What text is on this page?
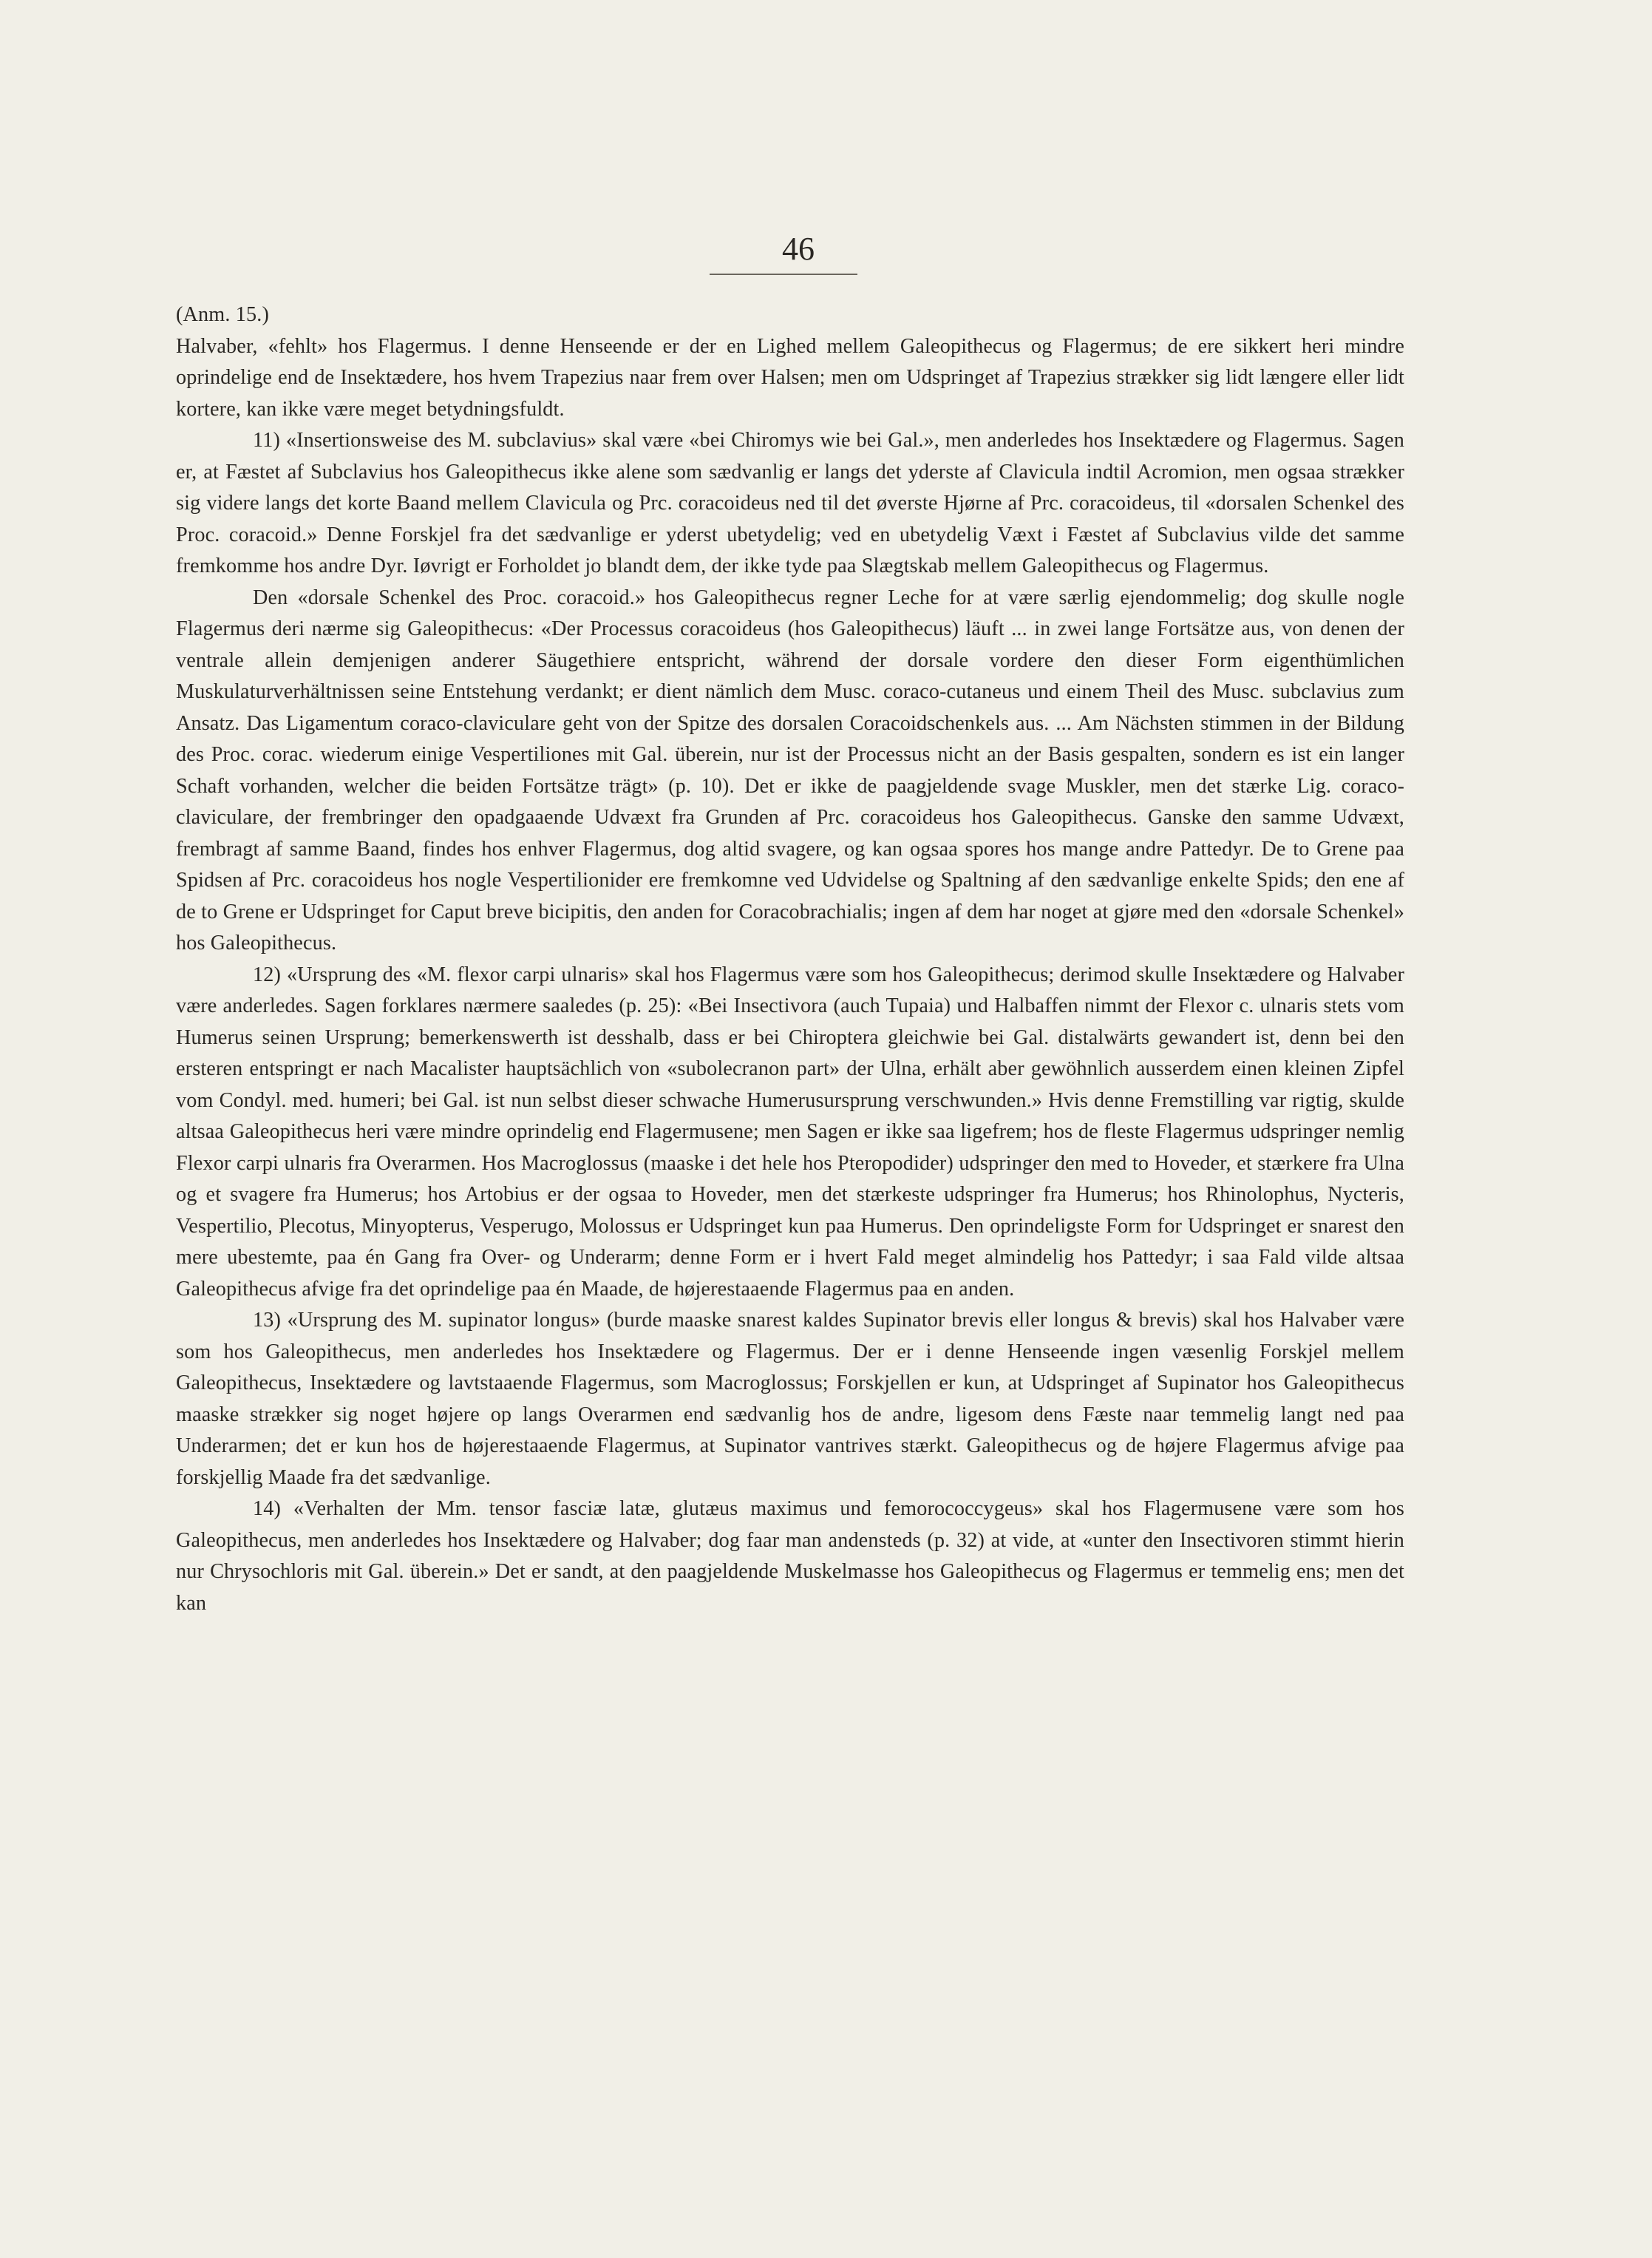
46

(Anm. 15.)

Halvaber, «fehlt» hos Flagermus. I denne Henseende er der en Lighed mellem Galeopithecus og Flagermus; de ere sikkert heri mindre oprindelige end de Insektædere, hos hvem Trapezius naar frem over Halsen; men om Udspringet af Trapezius strækker sig lidt længere eller lidt kortere, kan ikke være meget betydningsfuldt.

11) «Insertionsweise des M. subclavius» skal være «bei Chiromys wie bei Gal.», men anderledes hos Insektædere og Flagermus. Sagen er, at Fæstet af Subclavius hos Galeopithecus ikke alene som sædvanlig er langs det yderste af Clavicula indtil Acromion, men ogsaa strækker sig videre langs det korte Baand mellem Clavicula og Prc. coracoideus ned til det øverste Hjørne af Prc. coracoideus, til «dorsalen Schenkel des Proc. coracoid.» Denne Forskjel fra det sædvanlige er yderst ubetydelig; ved en ubetydelig Væxt i Fæstet af Subclavius vilde det samme fremkomme hos andre Dyr. Iøvrigt er Forholdet jo blandt dem, der ikke tyde paa Slægtskab mellem Galeopithecus og Flagermus.

Den «dorsale Schenkel des Proc. coracoid.» hos Galeopithecus regner Leche for at være særlig ejendommelig; dog skulle nogle Flagermus deri nærme sig Galeopithecus: «Der Processus coracoideus (hos Galeopithecus) läuft ... in zwei lange Fortsätze aus, von denen der ventrale allein demjenigen anderer Säugethiere entspricht, während der dorsale vordere den dieser Form eigenthümlichen Muskulaturverhältnissen seine Entstehung verdankt; er dient nämlich dem Musc. coraco-cutaneus und einem Theil des Musc. subclavius zum Ansatz. Das Ligamentum coraco-claviculare geht von der Spitze des dorsalen Coracoidschenkels aus. ... Am Nächsten stimmen in der Bildung des Proc. corac. wiederum einige Vespertiliones mit Gal. überein, nur ist der Processus nicht an der Basis gespalten, sondern es ist ein langer Schaft vorhanden, welcher die beiden Fortsätze trägt» (p. 10). Det er ikke de paagjeldende svage Muskler, men det stærke Lig. coraco-claviculare, der frembringer den opadgaaende Udvæxt fra Grunden af Prc. coracoideus hos Galeopithecus. Ganske den samme Udvæxt, frembragt af samme Baand, findes hos enhver Flagermus, dog altid svagere, og kan ogsaa spores hos mange andre Pattedyr. De to Grene paa Spidsen af Prc. coracoideus hos nogle Vespertilionider ere fremkomne ved Udvidelse og Spaltning af den sædvanlige enkelte Spids; den ene af de to Grene er Udspringet for Caput breve bicipitis, den anden for Coracobrachialis; ingen af dem har noget at gjøre med den «dorsale Schenkel» hos Galeopithecus.

12) «Ursprung des «M. flexor carpi ulnaris» skal hos Flagermus være som hos Galeopithecus; derimod skulle Insektædere og Halvaber være anderledes. Sagen forklares nærmere saaledes (p. 25): «Bei Insectivora (auch Tupaia) und Halbaffen nimmt der Flexor c. ulnaris stets vom Humerus seinen Ursprung; bemerkenswerth ist desshalb, dass er bei Chiroptera gleichwie bei Gal. distalwärts gewandert ist, denn bei den ersteren entspringt er nach Macalister hauptsächlich von «subolecranon part» der Ulna, erhält aber gewöhnlich ausserdem einen kleinen Zipfel vom Condyl. med. humeri; bei Gal. ist nun selbst dieser schwache Humerusursprung verschwunden.» Hvis denne Fremstilling var rigtig, skulde altsaa Galeopithecus heri være mindre oprindelig end Flagermusene; men Sagen er ikke saa ligefrem; hos de fleste Flagermus udspringer nemlig Flexor carpi ulnaris fra Overarmen. Hos Macroglossus (maaske i det hele hos Pteropodider) udspringer den med to Hoveder, et stærkere fra Ulna og et svagere fra Humerus; hos Artobius er der ogsaa to Hoveder, men det stærkeste udspringer fra Humerus; hos Rhinolophus, Nycteris, Vespertilio, Plecotus, Minyopterus, Vesperugo, Molossus er Udspringet kun paa Humerus. Den oprindeligste Form for Udspringet er snarest den mere ubestemte, paa én Gang fra Over- og Underarm; denne Form er i hvert Fald meget almindelig hos Pattedyr; i saa Fald vilde altsaa Galeopithecus afvige fra det oprindelige paa én Maade, de højerestaaende Flagermus paa en anden.

13) «Ursprung des M. supinator longus» (burde maaske snarest kaldes Supinator brevis eller longus & brevis) skal hos Halvaber være som hos Galeopithecus, men anderledes hos Insektædere og Flagermus. Der er i denne Henseende ingen væsenlig Forskjel mellem Galeopithecus, Insektædere og lavtstaaende Flagermus, som Macroglossus; Forskjellen er kun, at Udspringet af Supinator hos Galeopithecus maaske strækker sig noget højere op langs Overarmen end sædvanlig hos de andre, ligesom dens Fæste naar temmelig langt ned paa Underarmen; det er kun hos de højerestaaende Flagermus, at Supinator vantrives stærkt. Galeopithecus og de højere Flagermus afvige paa forskjellig Maade fra det sædvanlige.

14) «Verhalten der Mm. tensor fasciæ latæ, glutæus maximus und femorococcygeus» skal hos Flagermusene være som hos Galeopithecus, men anderledes hos Insektædere og Halvaber; dog faar man andensteds (p. 32) at vide, at «unter den Insectivoren stimmt hierin nur Chrysochloris mit Gal. überein.» Det er sandt, at den paagjeldende Muskelmasse hos Galeopithecus og Flagermus er temmelig ens; men det kan
